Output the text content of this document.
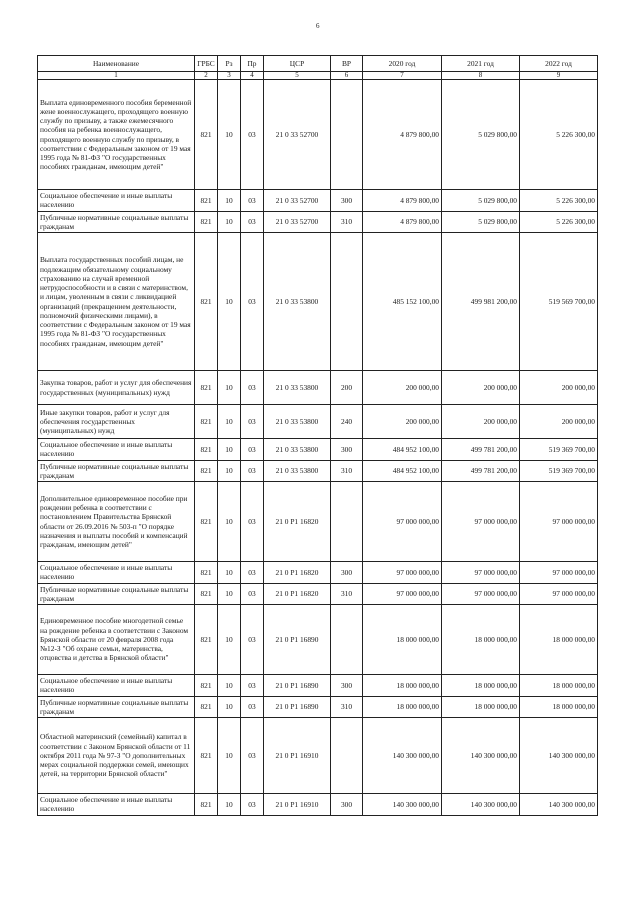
6
Наименование	ГРБС	Рз	Пр	ЦСР	ВР	2020 год	2021 год	2022 год
1	2	3	4	5	6	7	8	9
Выплата единовременного пособия беременной жене военнослужащего, проходящего военную службу по призыву, а также ежемесячного пособия на ребенка военнослужащего, проходящего военную службу по призыву, в соответствии с Федеральным законом от 19 мая 1995 года № 81-ФЗ "О государственных пособиях гражданам, имеющим детей"	821	10	03	21 0 33 52700		4 879 800,00	5 029 800,00	5 226 300,00
Социальное обеспечение и иные выплаты населению	821	10	03	21 0 33 52700	300	4 879 800,00	5 029 800,00	5 226 300,00
Публичные нормативные социальные выплаты гражданам	821	10	03	21 0 33 52700	310	4 879 800,00	5 029 800,00	5 226 300,00
Выплата государственных пособий лицам, не подлежащим обязательному социальному страхованию на случай временной нетрудоспособности и в связи с материнством, и лицам, уволенным в связи с ликвидацией организаций (прекращением деятельности, полномочий физическими лицами), в соответствии с Федеральным законом от 19 мая 1995 года № 81-ФЗ "О государственных пособиях гражданам, имеющим детей"	821	10	03	21 0 33 53800		485 152 100,00	499 981 200,00	519 569 700,00
Закупка товаров, работ и услуг для обеспечения государственных (муниципальных) нужд	821	10	03	21 0 33 53800	200	200 000,00	200 000,00	200 000,00
Иные закупки товаров, работ и услуг для обеспечения государственных (муниципальных) нужд	821	10	03	21 0 33 53800	240	200 000,00	200 000,00	200 000,00
Социальное обеспечение и иные выплаты населению	821	10	03	21 0 33 53800	300	484 952 100,00	499 781 200,00	519 369 700,00
Публичные нормативные социальные выплаты гражданам	821	10	03	21 0 33 53800	310	484 952 100,00	499 781 200,00	519 369 700,00
Дополнительное единовременное пособие при рождении ребенка в соответствии с постановлением Правительства Брянской области от 26.09.2016 № 503-п "О порядке назначения и выплаты пособий и компенсаций гражданам, имеющим детей"	821	10	03	21 0 P1 16820		97 000 000,00	97 000 000,00	97 000 000,00
Социальное обеспечение и иные выплаты населению	821	10	03	21 0 P1 16820	300	97 000 000,00	97 000 000,00	97 000 000,00
Публичные нормативные социальные выплаты гражданам	821	10	03	21 0 P1 16820	310	97 000 000,00	97 000 000,00	97 000 000,00
Единовременное пособие многодетной семье на рождение ребенка в соответствии с Законом Брянской области от 20 февраля 2008 года №12-З "Об охране семьи, материнства, отцовства и детства в Брянской области"	821	10	03	21 0 P1 16890		18 000 000,00	18 000 000,00	18 000 000,00
Социальное обеспечение и иные выплаты населению	821	10	03	21 0 P1 16890	300	18 000 000,00	18 000 000,00	18 000 000,00
Публичные нормативные социальные выплаты гражданам	821	10	03	21 0 P1 16890	310	18 000 000,00	18 000 000,00	18 000 000,00
Областной материнский (семейный) капитал в соответствии с Законом Брянской области от 11 октября 2011 года № 97-З "О дополнительных мерах социальной поддержки семей, имеющих детей, на территории Брянской области"	821	10	03	21 0 P1 16910		140 300 000,00	140 300 000,00	140 300 000,00
Социальное обеспечение и иные выплаты населению	821	10	03	21 0 P1 16910	300	140 300 000,00	140 300 000,00	140 300 000,00
